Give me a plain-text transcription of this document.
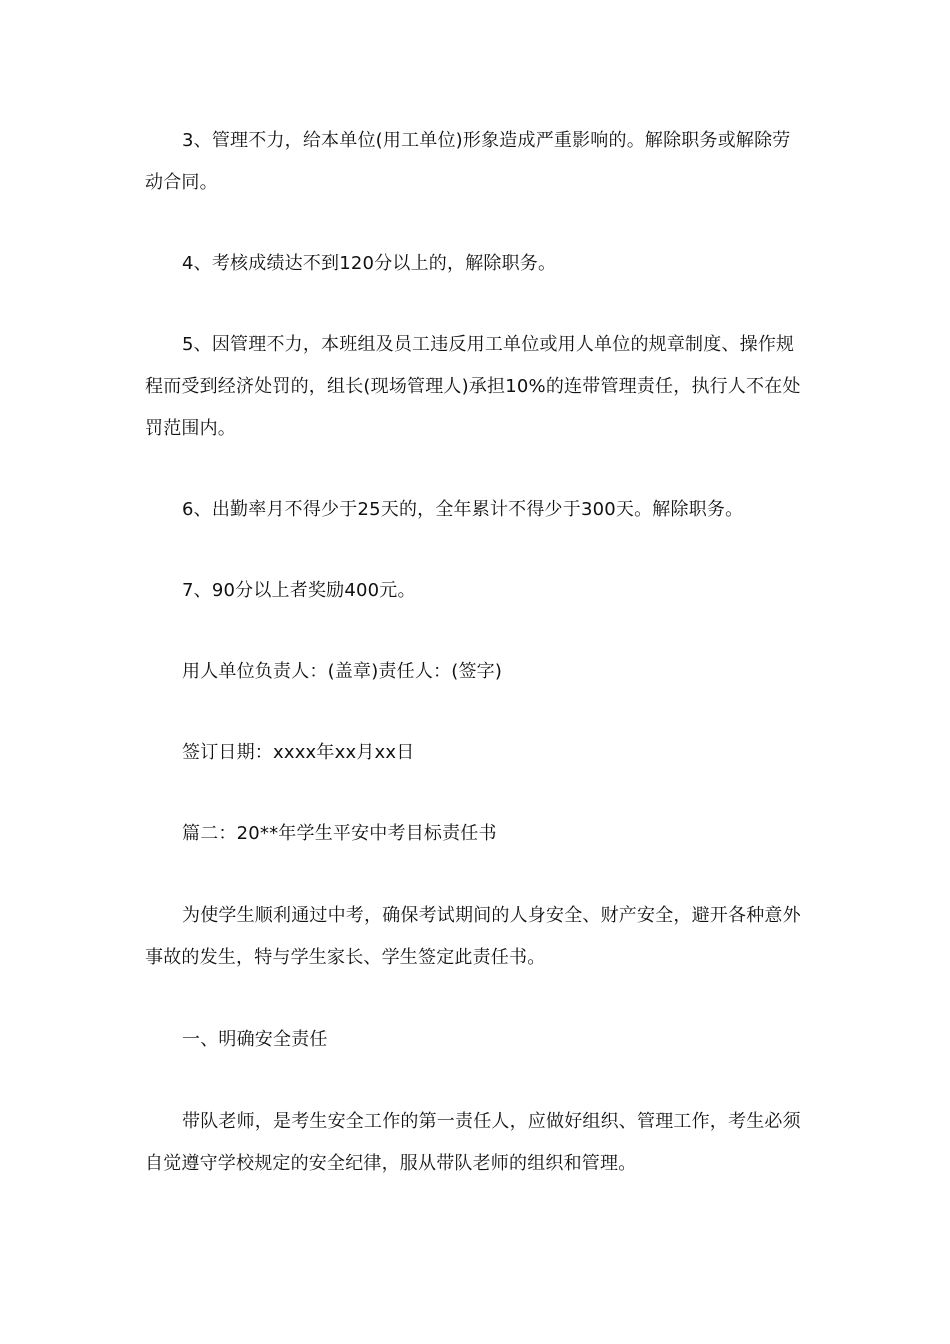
3、管理不力，给本单位(用工单位)形象造成严重影响的。解除职务或解除劳动合同。

4、考核成绩达不到120分以上的，解除职务。

5、因管理不力，本班组及员工违反用工单位或用人单位的规章制度、操作规程而受到经济处罚的，组长(现场管理人)承担10%的连带管理责任，执行人不在处罚范围内。

6、出勤率月不得少于25天的，全年累计不得少于300天。解除职务。

7、90分以上者奖励400元。

用人单位负责人：(盖章)责任人：(签字)

签订日期：xxxx年xx月xx日

篇二：20**年学生平安中考目标责任书

为使学生顺利通过中考，确保考试期间的人身安全、财产安全，避开各种意外事故的发生，特与学生家长、学生签定此责任书。

一、明确安全责任

带队老师，是考生安全工作的第一责任人，应做好组织、管理工作，考生必须自觉遵守学校规定的安全纪律，服从带队老师的组织和管理。
